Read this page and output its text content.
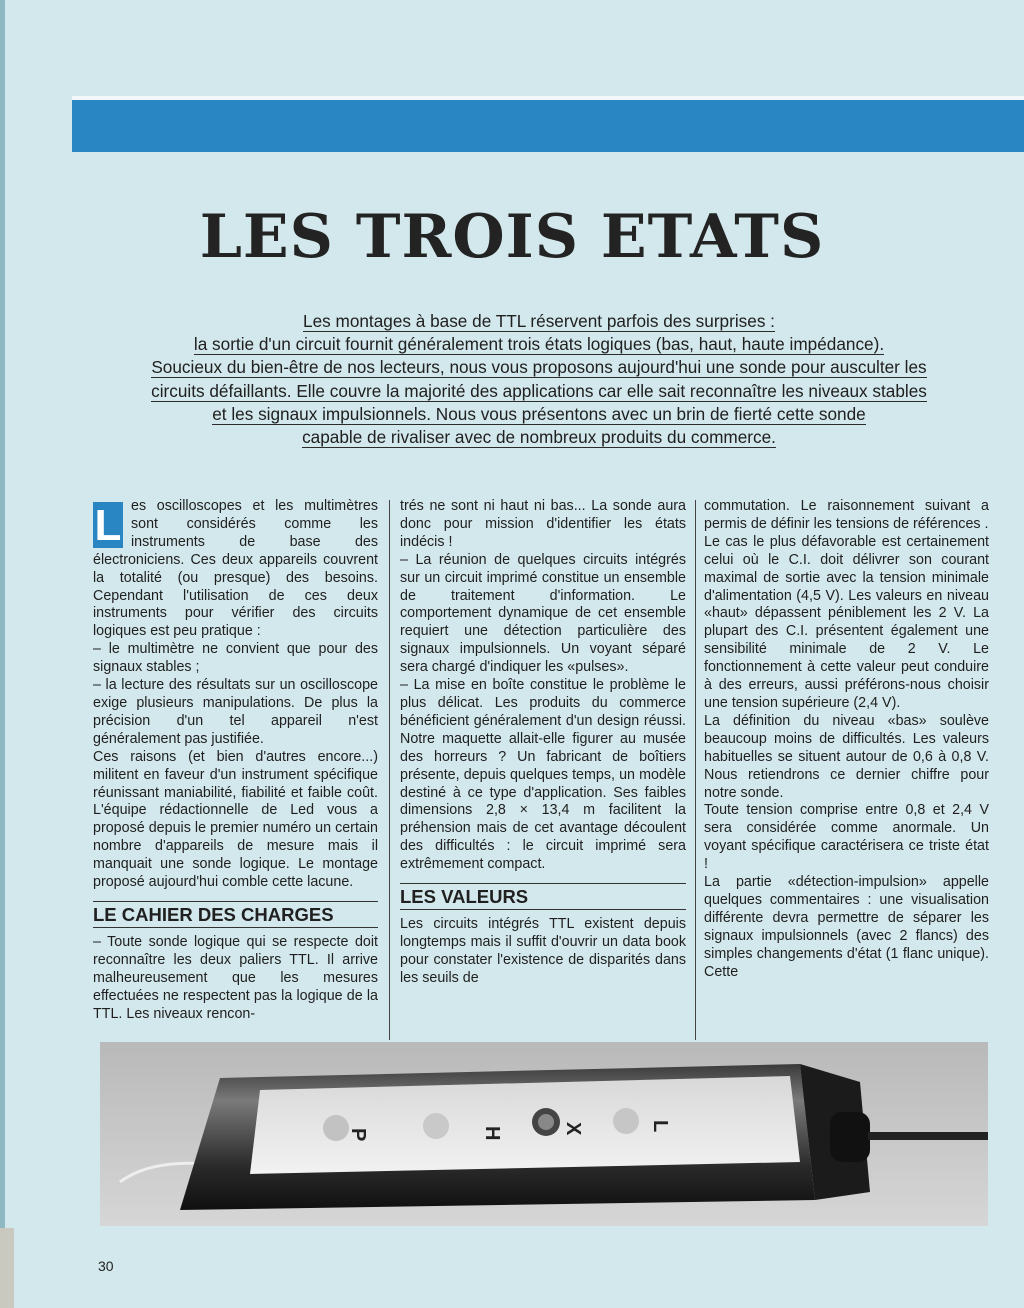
LES TROIS ETATS
Les montages à base de TTL réservent parfois des surprises :
la sortie d'un circuit fournit généralement trois états logiques (bas, haut, haute impédance).
Soucieux du bien-être de nos lecteurs, nous vous proposons aujourd'hui une sonde pour ausculter les
circuits défaillants. Elle couvre la majorité des applications car elle sait reconnaître les niveaux stables
et les signaux impulsionnels. Nous vous présentons avec un brin de fierté cette sonde
capable de rivaliser avec de nombreux produits du commerce.

L es oscilloscopes et les multimètres sont considérés comme les instruments de base des électroniciens. Ces deux appareils couvrent la totalité (ou presque) des besoins. Cependant l'utilisation de ces deux instruments pour vérifier des circuits logiques est peu pratique :

– le multimètre ne convient que pour des signaux stables ;

– la lecture des résultats sur un oscilloscope exige plusieurs manipulations. De plus la précision d'un tel appareil n'est généralement pas justifiée.

Ces raisons (et bien d'autres encore...) militent en faveur d'un instrument spécifique réunissant maniabilité, fiabilité et faible coût. L'équipe rédactionnelle de Led vous a proposé depuis le premier numéro un certain nombre d'appareils de mesure mais il manquait une sonde logique. Le montage proposé aujourd'hui comble cette lacune.

LE CAHIER DES CHARGES

– Toute sonde logique qui se respecte doit reconnaître les deux paliers TTL. Il arrive malheureusement que les mesures effectuées ne respectent pas la logique de la TTL. Les niveaux rencon-

trés ne sont ni haut ni bas... La sonde aura donc pour mission d'identifier les états indécis !

– La réunion de quelques circuits intégrés sur un circuit imprimé constitue un ensemble de traitement d'information. Le comportement dynamique de cet ensemble requiert une détection particulière des signaux impulsionnels. Un voyant séparé sera chargé d'indiquer les «pulses».

– La mise en boîte constitue le problème le plus délicat. Les produits du commerce bénéficient généralement d'un design réussi. Notre maquette allait-elle figurer au musée des horreurs ? Un fabricant de boîtiers présente, depuis quelques temps, un modèle destiné à ce type d'application. Ses faibles dimensions 2,8 × 13,4 m facilitent la préhension mais de cet avantage découlent des difficultés : le circuit imprimé sera extrêmement compact.

LES VALEURS

Les circuits intégrés TTL existent depuis longtemps mais il suffit d'ouvrir un data book pour constater l'existence de disparités dans les seuils de

commutation. Le raisonnement suivant a permis de définir les tensions de références .

Le cas le plus défavorable est certainement celui où le C.I. doit délivrer son courant maximal de sortie avec la tension minimale d'alimentation (4,5 V). Les valeurs en niveau «haut» dépassent péniblement les 2 V. La plupart des C.I. présentent également une sensibilité minimale de 2 V. Le fonctionnement à cette valeur peut conduire à des erreurs, aussi préférons-nous choisir une tension supérieure (2,4 V).

La définition du niveau «bas» soulève beaucoup moins de difficultés. Les valeurs habituelles se situent autour de 0,6 à 0,8 V. Nous retiendrons ce dernier chiffre pour notre sonde.

Toute tension comprise entre 0,8 et 2,4 V sera considérée comme anormale. Un voyant spécifique caractérisera ce triste état !

La partie «détection-impulsion» appelle quelques commentaires : une visualisation différente devra permettre de séparer les signaux impulsionnels (avec 2 flancs) des simples changements d'état (1 flanc unique). Cette

P	H	X	L
30
